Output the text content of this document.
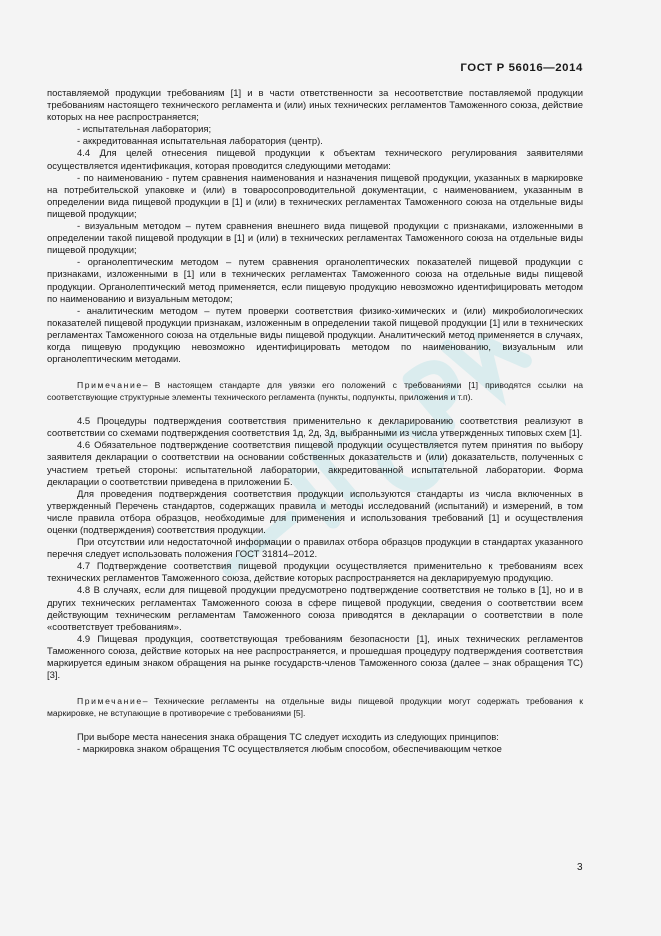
ГОСТ Р 56016—2014

поставляемой продукции требованиям [1] и в части ответственности за несоответствие поставляемой продукции требованиям настоящего технического регламента и (или) иных технических регламентов Таможенного союза, действие которых на нее распространяется;

- испытательная лаборатория;

- аккредитованная испытательная лаборатория (центр).

4.4 Для целей отнесения пищевой продукции к объектам технического регулирования заявителями осуществляется идентификация, которая проводится следующими методами:

- по наименованию - путем сравнения наименования и назначения пищевой продукции, указанных в маркировке на потребительской упаковке и (или) в товаросопроводительной документации, с наименованием, указанным в определении вида пищевой продукции в [1] и (или) в технических регламентах Таможенного союза на отдельные виды пищевой продукции;

- визуальным методом – путем сравнения внешнего вида пищевой продукции с признаками, изложенными в определении такой пищевой продукции в [1] и (или) в технических регламентах Таможенного союза на отдельные виды пищевой продукции;

- органолептическим методом – путем сравнения органолептических показателей пищевой продукции с признаками, изложенными в [1] или в технических регламентах Таможенного союза на отдельные виды пищевой продукции. Органолептический метод применяется, если пищевую продукцию невозможно идентифицировать методом по наименованию и визуальным методом;

- аналитическим методом – путем проверки соответствия физико-химических и (или) микробиологических показателей пищевой продукции признакам, изложенным в определении такой пищевой продукции [1] или в технических регламентах Таможенного союза на отдельные виды пищевой продукции. Аналитический метод применяется в случаях, когда пищевую продукцию невозможно идентифицировать методом по наименованию, визуальным или органолептическим методами.

Примечание– В настоящем стандарте для увязки его положений с требованиями [1] приводятся ссылки на соответствующие структурные элементы технического регламента (пункты, подпункты, приложения и т.п).

4.5 Процедуры подтверждения соответствия применительно к декларированию соответствия реализуют в соответствии со схемами подтверждения соответствия 1д, 2д, 3д, выбранными из числа утвержденных типовых схем [1].

4.6 Обязательное подтверждение соответствия пищевой продукции осуществляется путем принятия по выбору заявителя декларации о соответствии на основании собственных доказательств и (или) доказательств, полученных с участием третьей стороны: испытательной лаборатории, аккредитованной испытательной лаборатории. Форма декларации о соответствии приведена в приложении Б.

Для проведения подтверждения соответствия продукции используются стандарты из числа включенных в утвержденный Перечень стандартов, содержащих правила и методы исследований (испытаний) и измерений, в том числе правила отбора образцов, необходимые для применения и использования требований [1] и осуществления оценки (подтверждения) соответствия продукции.

При отсутствии или недостаточной информации о правилах отбора образцов продукции в стандартах указанного перечня следует использовать положения ГОСТ 31814–2012.

4.7 Подтверждение соответствия пищевой продукции осуществляется применительно к требованиям всех технических регламентов Таможенного союза, действие которых распространяется на декларируемую продукцию.

4.8 В случаях, если для пищевой продукции предусмотрено подтверждение соответствия не только в [1], но и в других технических регламентах Таможенного союза в сфере пищевой продукции, сведения о соответствии всем действующим техническим регламентам Таможенного союза приводятся в декларации о соответствии в поле «соответствует требованиям».

4.9 Пищевая продукция, соответствующая требованиям безопасности [1], иных технических регламентов Таможенного союза, действие которых на нее распространяется, и прошедшая процедуру подтверждения соответствия маркируется единым знаком обращения на рынке государств-членов Таможенного союза (далее – знак обращения ТС) [3].

Примечание– Технические регламенты на отдельные виды пищевой продукции могут содержать требования к маркировке, не вступающие в противоречие с требованиями [5].

При выборе места нанесения знака обращения ТС следует исходить из следующих принципов:

- маркировка знаком обращения ТС осуществляется любым способом, обеспечивающим четкое

3
